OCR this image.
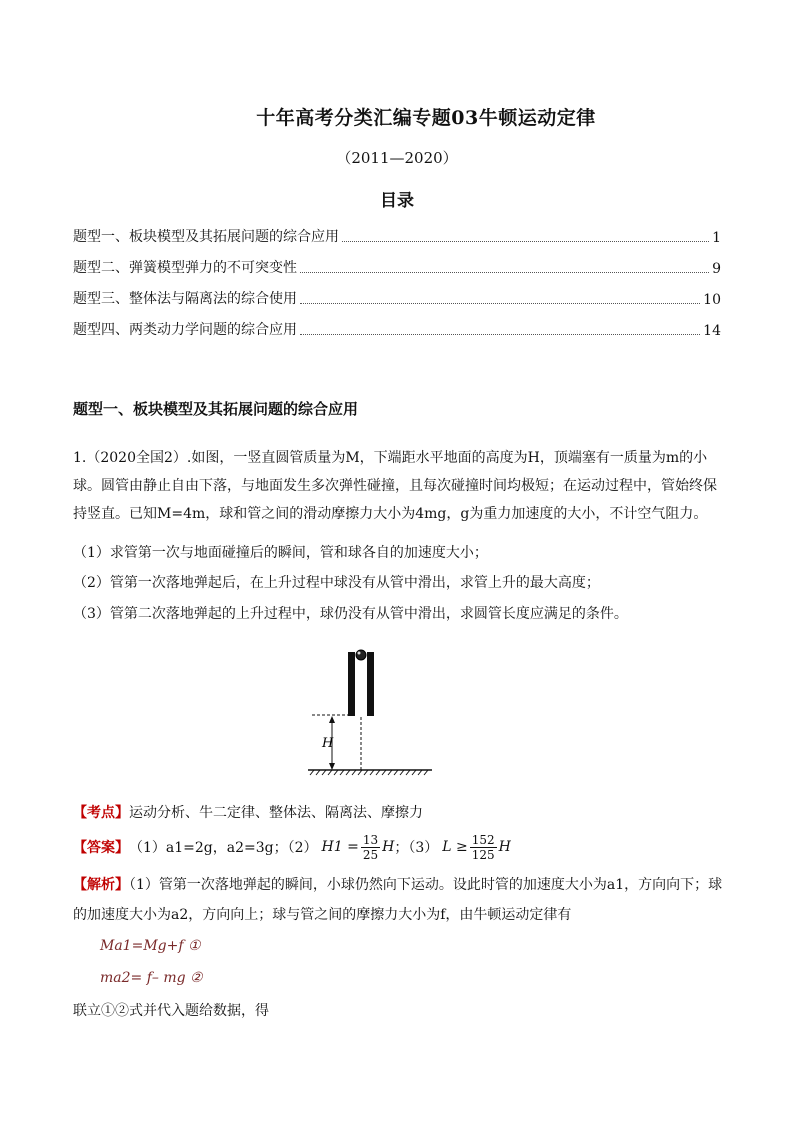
十年高考分类汇编专题03牛顿运动定律
（2011—2020）
目录
题型一、板块模型及其拓展问题的综合应用	1
题型二、弹簧模型弹力的不可突变性	9
题型三、整体法与隔离法的综合使用	10
题型四、两类动力学问题的综合应用	14
题型一、板块模型及其拓展问题的综合应用
1.（2020全国2）.如图，一竖直圆管质量为M，下端距水平地面的高度为H，顶端塞有一质量为m的小球。圆管由静止自由下落，与地面发生多次弹性碰撞，且每次碰撞时间均极短；在运动过程中，管始终保持竖直。已知M=4m，球和管之间的滑动摩擦力大小为4mg，g为重力加速度的大小，不计空气阻力。
（1）求管第一次与地面碰撞后的瞬间，管和球各自的加速度大小；
（2）管第一次落地弹起后，在上升过程中球没有从管中滑出，求管上升的最大高度；
（3）管第二次落地弹起的上升过程中，球仍没有从管中滑出，求圆管长度应满足的条件。
H
【考点】运动分析、牛二定律、整体法、隔离法、摩擦力
【答案】 （1）a1=2g，a2=3g；（2） $H1 = \frac{13}{25}$ H ；（3） $L \ge \frac{152}{125}$ H
【解析】（1）管第一次落地弹起的瞬间，小球仍然向下运动。设此时管的加速度大小为a1，方向向下；球
的加速度大小为a2，方向向上；球与管之间的摩擦力大小为f，由牛顿运动定律有
Ma1=Mg+f ①
ma2= f– mg ②
联立①②式并代入题给数据，得
